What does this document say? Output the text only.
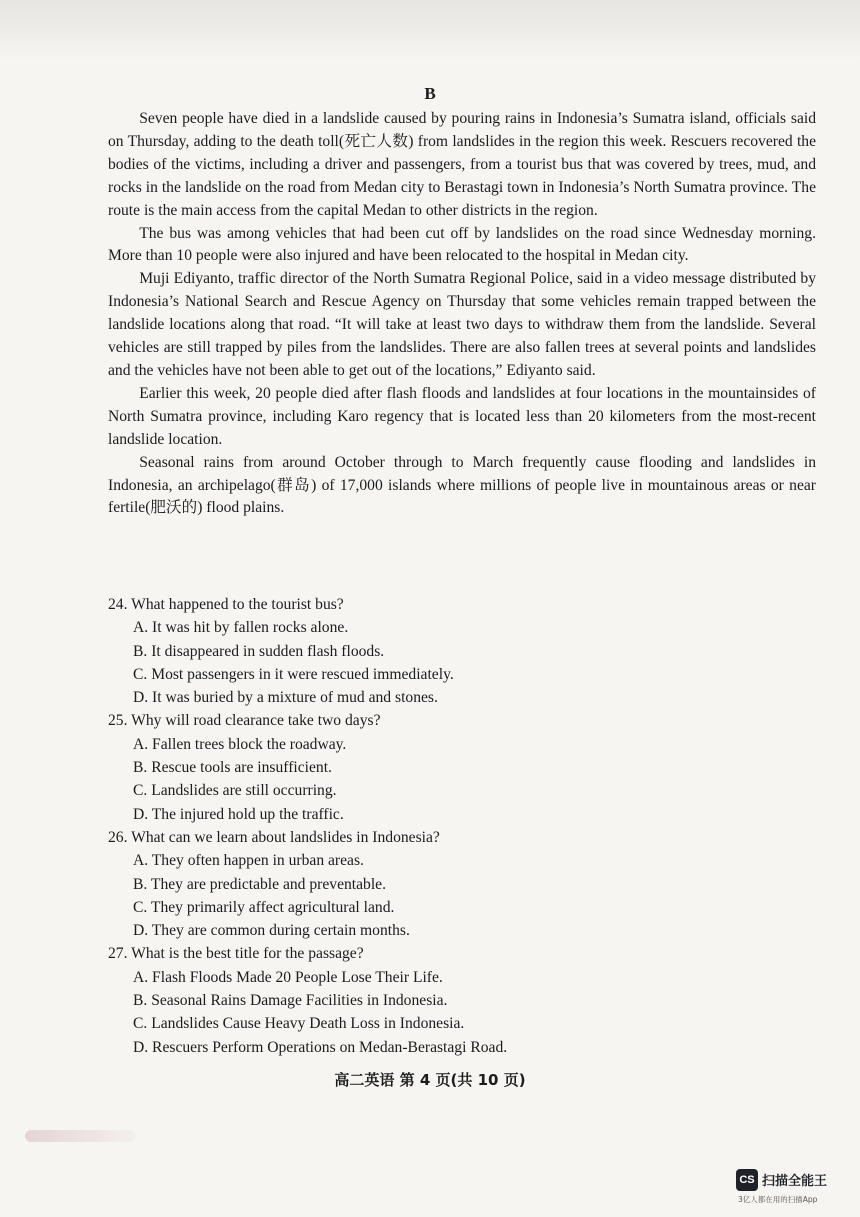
B

Seven people have died in a landslide caused by pouring rains in Indonesia’s Sumatra island, officials said on Thursday, adding to the death toll(死亡人数) from landslides in the region this week. Rescuers recovered the bodies of the victims, including a driver and passengers, from a tourist bus that was covered by trees, mud, and rocks in the landslide on the road from Medan city to Berastagi town in Indonesia’s North Sumatra province. The route is the main access from the capital Medan to other districts in the region.

The bus was among vehicles that had been cut off by landslides on the road since Wednesday morning. More than 10 people were also injured and have been relocated to the hospital in Medan city.

Muji Ediyanto, traffic director of the North Sumatra Regional Police, said in a video message distributed by Indonesia’s National Search and Rescue Agency on Thursday that some vehicles remain trapped between the landslide locations along that road. “It will take at least two days to withdraw them from the landslide. Several vehicles are still trapped by piles from the landslides. There are also fallen trees at several points and landslides and the vehicles have not been able to get out of the locations,” Ediyanto said.

Earlier this week, 20 people died after flash floods and landslides at four locations in the mountainsides of North Sumatra province, including Karo regency that is located less than 20 kilometers from the most-recent landslide location.

Seasonal rains from around October through to March frequently cause flooding and landslides in Indonesia, an archipelago(群岛) of 17,000 islands where millions of people live in mountainous areas or near fertile(肥沃的) flood plains.

24. What happened to the tourist bus?

A. It was hit by fallen rocks alone.

B. It disappeared in sudden flash floods.

C. Most passengers in it were rescued immediately.

D. It was buried by a mixture of mud and stones.

25. Why will road clearance take two days?

A. Fallen trees block the roadway.

B. Rescue tools are insufficient.

C. Landslides are still occurring.

D. The injured hold up the traffic.

26. What can we learn about landslides in Indonesia?

A. They often happen in urban areas.

B. They are predictable and preventable.

C. They primarily affect agricultural land.

D. They are common during certain months.

27. What is the best title for the passage?

A. Flash Floods Made 20 People Lose Their Life.

B. Seasonal Rains Damage Facilities in Indonesia.

C. Landslides Cause Heavy Death Loss in Indonesia.

D. Rescuers Perform Operations on Medan-Berastagi Road.

高二英语 第 4 页(共 10 页)
CS 扫描全能王
3亿人都在用的扫描App
